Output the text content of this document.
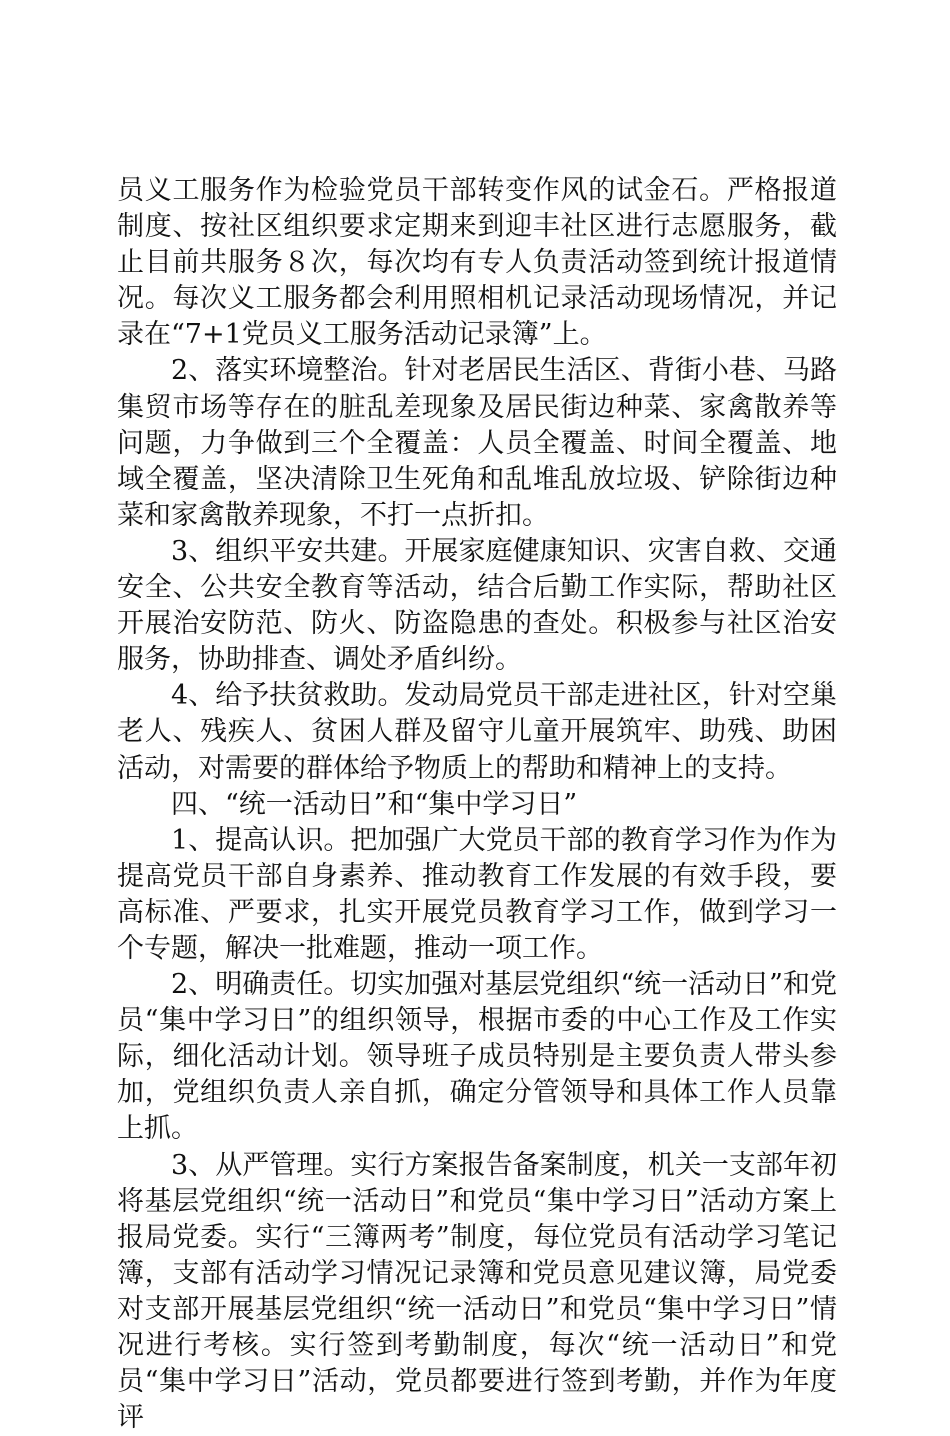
员义工服务作为检验党员干部转变作风的试金石。严格报道制度、按社区组织要求定期来到迎丰社区进行志愿服务，截止目前共服务８次，每次均有专人负责活动签到统计报道情况。每次义工服务都会利用照相机记录活动现场情况，并记录在“7+1党员义工服务活动记录簿”上。

2、落实环境整治。针对老居民生活区、背街小巷、马路集贸市场等存在的脏乱差现象及居民街边种菜、家禽散养等问题，力争做到三个全覆盖：人员全覆盖、时间全覆盖、地域全覆盖，坚决清除卫生死角和乱堆乱放垃圾、铲除街边种菜和家禽散养现象，不打一点折扣。

3、组织平安共建。开展家庭健康知识、灾害自救、交通安全、公共安全教育等活动，结合后勤工作实际，帮助社区开展治安防范、防火、防盗隐患的查处。积极参与社区治安服务，协助排查、调处矛盾纠纷。

4、给予扶贫救助。发动局党员干部走进社区，针对空巢老人、残疾人、贫困人群及留守儿童开展筑牢、助残、助困活动，对需要的群体给予物质上的帮助和精神上的支持。

四、“统一活动日”和“集中学习日”

1、提高认识。把加强广大党员干部的教育学习作为作为提高党员干部自身素养、推动教育工作发展的有效手段，要高标准、严要求，扎实开展党员教育学习工作，做到学习一个专题，解决一批难题，推动一项工作。

2、明确责任。切实加强对基层党组织“统一活动日”和党员“集中学习日”的组织领导，根据市委的中心工作及工作实际，细化活动计划。领导班子成员特别是主要负责人带头参加，党组织负责人亲自抓，确定分管领导和具体工作人员靠上抓。

3、从严管理。实行方案报告备案制度，机关一支部年初将基层党组织“统一活动日”和党员“集中学习日”活动方案上报局党委。实行“三簿两考”制度，每位党员有活动学习笔记簿，支部有活动学习情况记录簿和党员意见建议簿，局党委对支部开展基层党组织“统一活动日”和党员“集中学习日”情况进行考核。实行签到考勤制度，每次“统一活动日”和党员“集中学习日”活动，党员都要进行签到考勤，并作为年度评
